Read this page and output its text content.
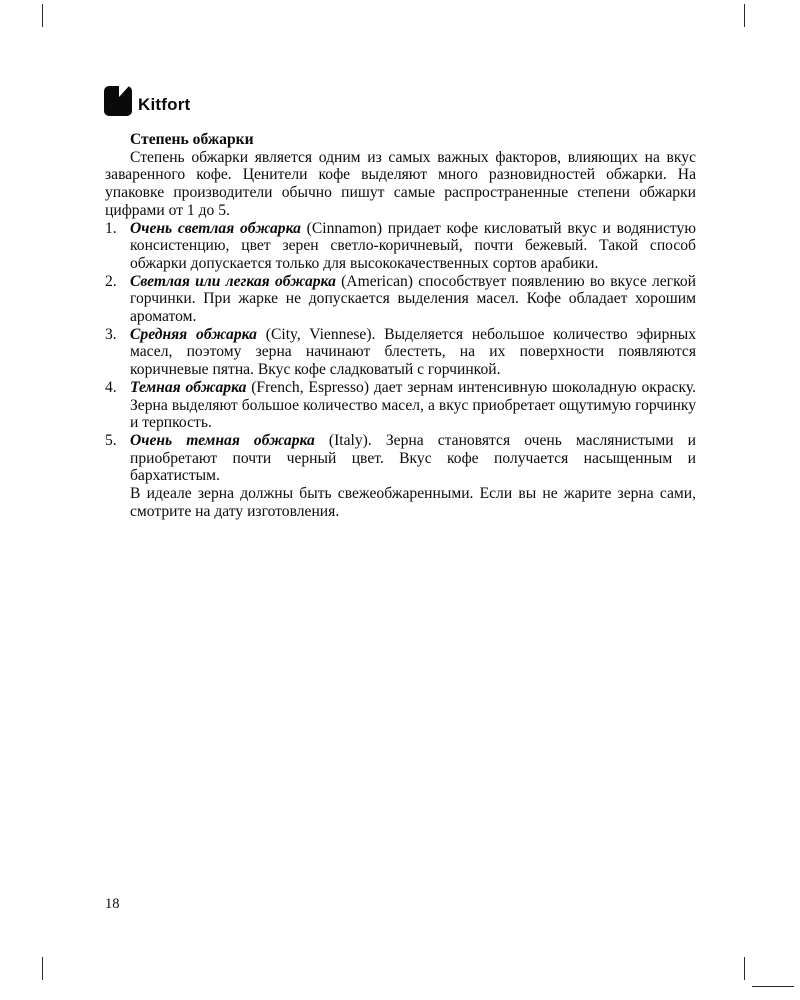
Kitfort
Степень обжарки

Степень обжарки является одним из самых важных факторов, влияющих на вкус заваренного кофе. Ценители кофе выделяют много разновидностей обжарки. На упаковке производители обычно пишут самые распространенные степени обжарки цифрами от 1 до 5.

1. Очень светлая обжарка (Cinnamon) придает кофе кисловатый вкус и водянистую консистенцию, цвет зерен светло-коричневый, почти бежевый. Такой способ обжарки допускается только для высококачественных сортов арабики.
2. Светлая или легкая обжарка (American) способствует появлению во вкусе легкой горчинки. При жарке не допускается выделения масел. Кофе обладает хорошим ароматом.
3. Средняя обжарка (City, Viennese). Выделяется небольшое количество эфирных масел, поэтому зерна начинают блестеть, на их поверхности появляются коричневые пятна. Вкус кофе сладковатый с горчинкой.
4. Темная обжарка (French, Espresso) дает зернам интенсивную шоколадную окраску. Зерна выделяют большое количество масел, а вкус приобретает ощутимую горчинку и терпкость.
5. Очень темная обжарка (Italy). Зерна становятся очень маслянистыми и приобретают почти черный цвет. Вкус кофе получается насыщенным и бархатистым.
В идеале зерна должны быть свежеобжаренными. Если вы не жарите зерна сами, смотрите на дату изготовления.
18
